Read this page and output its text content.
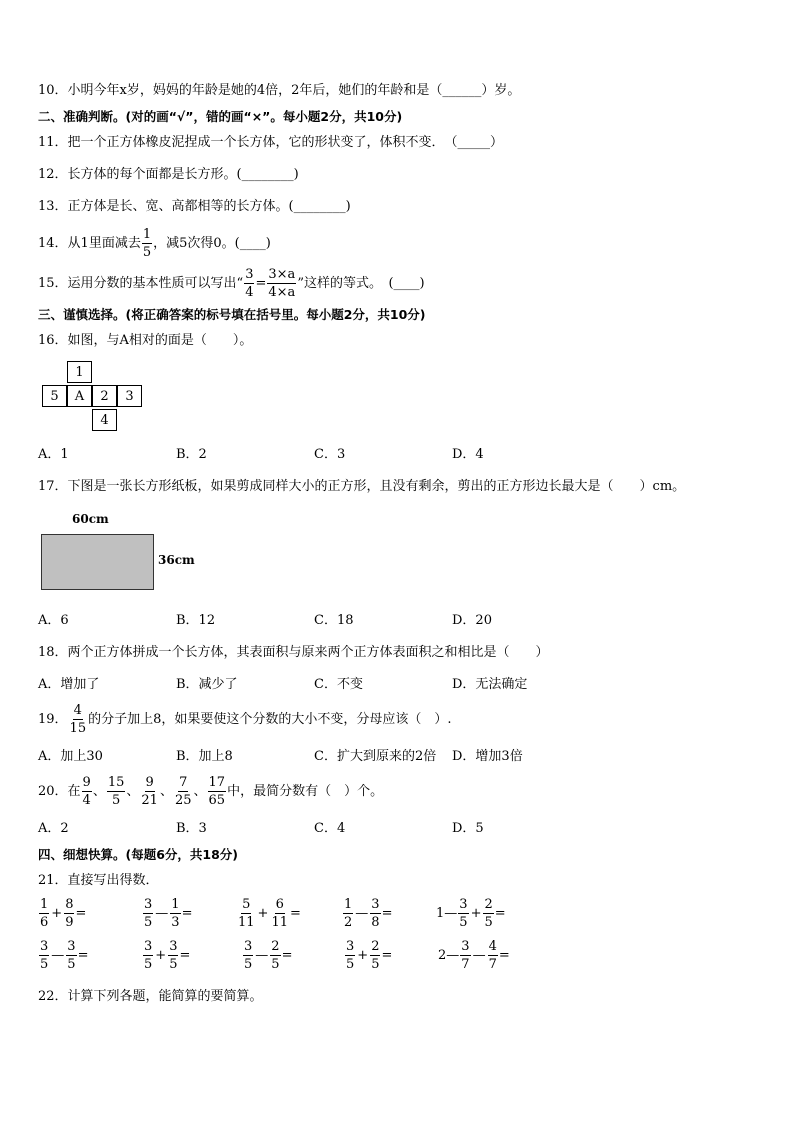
10．小明今年x岁，妈妈的年龄是她的4倍，2年后，她们的年龄和是（______）岁。
二、准确判断。(对的画“√”，错的画“×”。每小题2分，共10分)
11．把一个正方体橡皮泥捏成一个长方体，它的形状变了，体积不变．　（_____）
12．长方体的每个面都是长方形。(________)
13．正方体是长、宽、高都相等的长方体。(________)
14．从1里面减去 $\frac{1}{5}$ ，减5次得0。(____)
15．运用分数的基本性质可以写出“ $\frac{3}{4} = \frac{3\times a}{4\times a}$ ”这样的等式。　(____)
三、谨慎选择。(将正确答案的标号填在括号里。每小题2分，共10分)
16．如图，与A相对的面是（　　）。
1
5	A	2	3
4
A．1	B．2	C．3	D．4
17．下图是一张长方形纸板，如果剪成同样大小的正方形，且没有剩余，剪出的正方形边长最大是（　　）cm。
60cm
36cm
A．6	B．12	C．18	D．20
18．两个正方体拼成一个长方体，其表面积与原来两个正方体表面积之和相比是（　　）
A．增加了	B．减少了	C．不变	D．无法确定
19． $\frac{4}{15}$ 的分子加上8，如果要使这个分数的大小不变，分母应该（　）.
A．加上30	B．加上8	C．扩大到原来的2倍 D．增加3倍
20．在 $\frac{9}{4}$ 、 $\frac{15}{5}$ 、 $\frac{9}{21}$ 、 $\frac{7}{25}$ 、 $\frac{17}{65}$ 中，最简分数有（　）个。
A．2	B．3	C．4	D．5
四、细想快算。(每题6分，共18分)
21．直接写出得数．
$\frac{1}{6} + \frac{8}{9}$ =	$\frac{3}{5}$ — $\frac{1}{3}$ =	$\frac{5}{11} + \frac{6}{11}$ =	$\frac{1}{2}$ — $\frac{3}{8}$ =	1— $\frac{3}{5} + \frac{2}{5}$ =
$\frac{3}{5}$ — $\frac{3}{5}$ =	$\frac{3}{5} + \frac{3}{5}$ =	$\frac{3}{5}$ — $\frac{2}{5}$ =	$\frac{3}{5} + \frac{2}{5}$ =	2— $\frac{3}{7}$ — $\frac{4}{7}$ =
22．计算下列各题，能简算的要简算。
